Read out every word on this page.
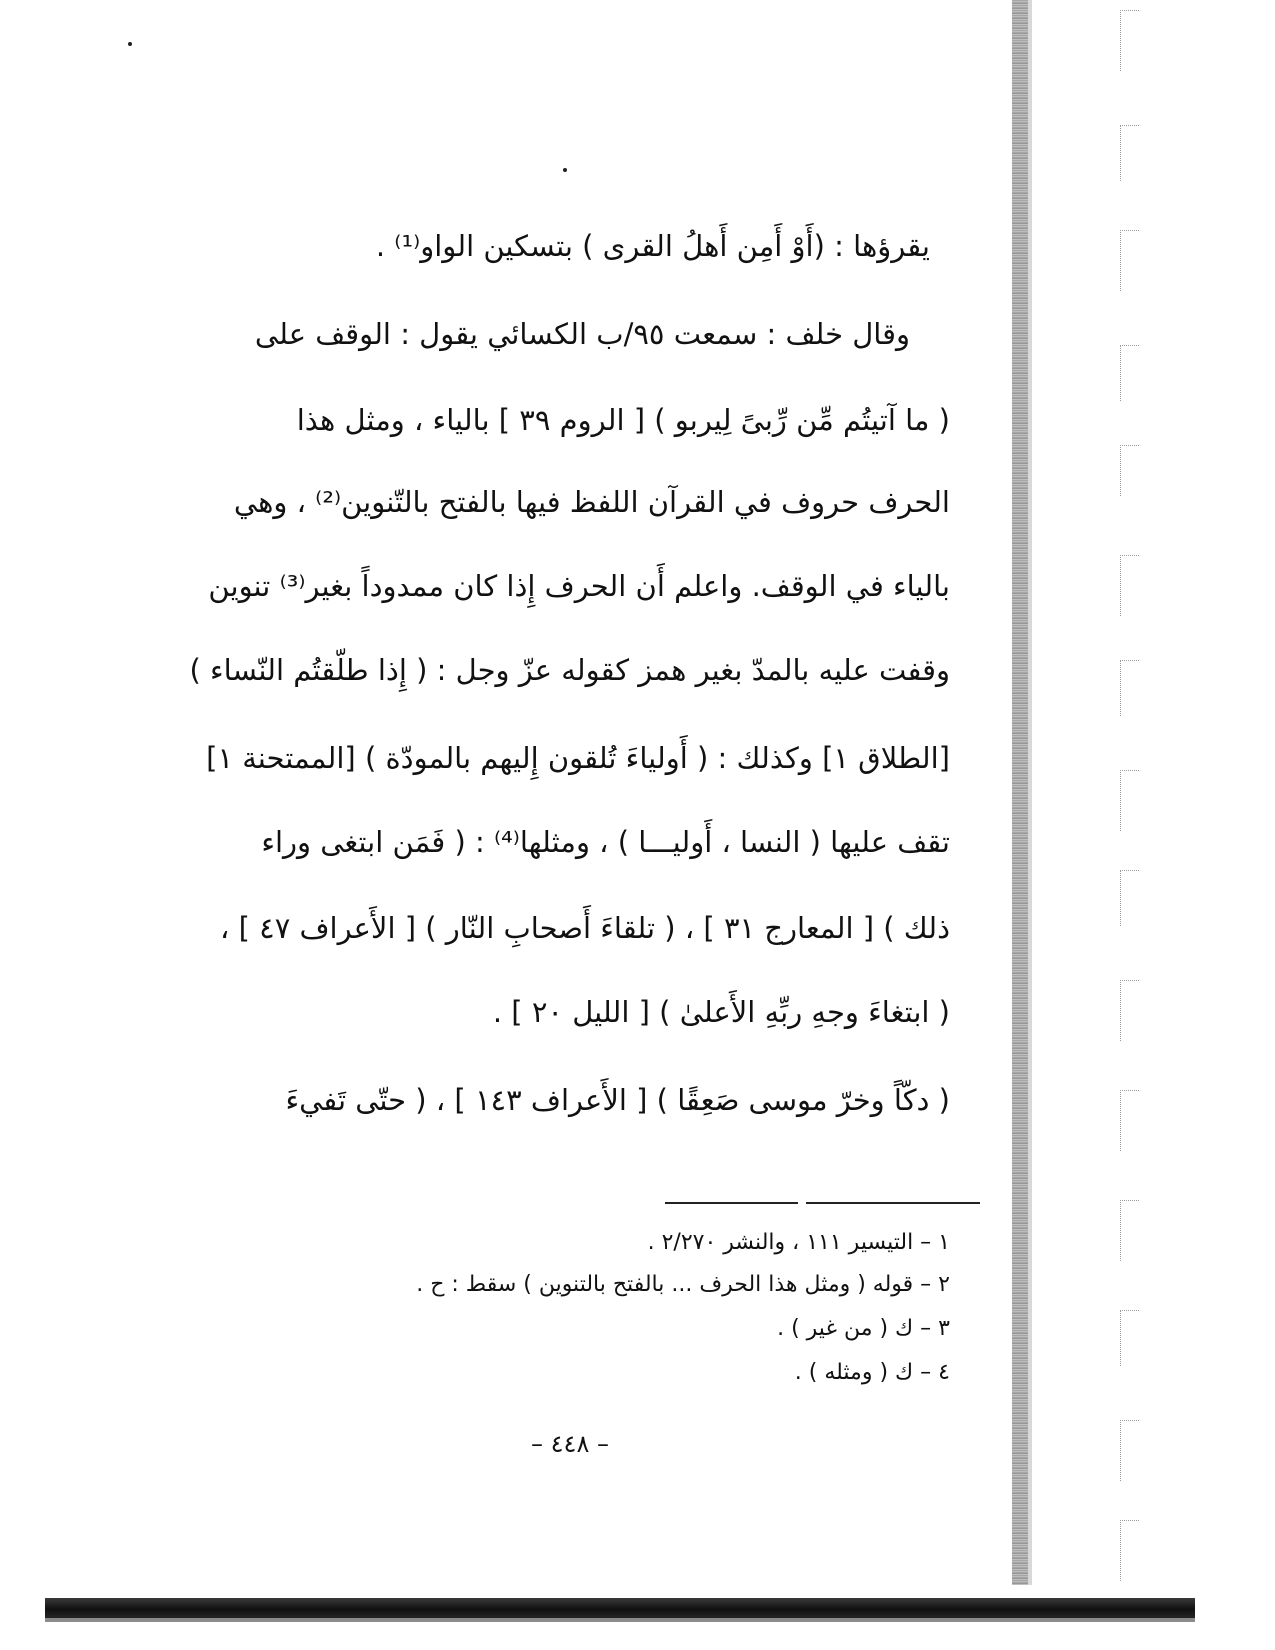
يقرؤها : (أَوْ أَمِن أَهلُ القرى ) بتسكين الواو⁽¹⁾ .
وقال خلف : سمعت ٩٥/ب الكسائي يقول : الوقف على
( ما آتيتُم مِّن رِّبىً لِيربو ) [ الروم ٣٩ ] بالياء ، ومثل هذا
الحرف حروف في القرآن اللفظ فيها بالفتح بالتّنوين⁽²⁾ ، وهي
بالياء في الوقف. واعلم أَن الحرف إِذا كان ممدوداً بغير⁽³⁾ تنوين
وقفت عليه بالمدّ بغير همز كقوله عزّ وجل : ( إِذا طلّقتُم النّساء )
[الطلاق ١] وكذلك : ( أَولياءَ تُلقون إِليهم بالمودّة ) [الممتحنة ١]
تقف عليها ( النسا ، أَوليـــا ) ، ومثلها⁽⁴⁾ : ( فَمَن ابتغى وراء
ذلك ) [ المعارج ٣١ ] ، ( تلقاءَ أَصحابِ النّار ) [ الأَعراف ٤٧ ] ،
( ابتغاءَ وجهِ ربِّهِ الأَعلىٰ ) [ الليل ٢٠ ] .
( دكّاً وخرّ موسى صَعِقًا ) [ الأَعراف ١٤٣ ] ، ( حتّى تَفيءَ
١ – التيسير ١١١ ، والنشر ٢/٢٧٠ .
٢ – قوله ( ومثل هذا الحرف ... بالفتح بالتنوين ) سقط : ح .
٣ – ك ( من غير ) .
٤ – ك ( ومثله ) .
– ٤٤٨ –
